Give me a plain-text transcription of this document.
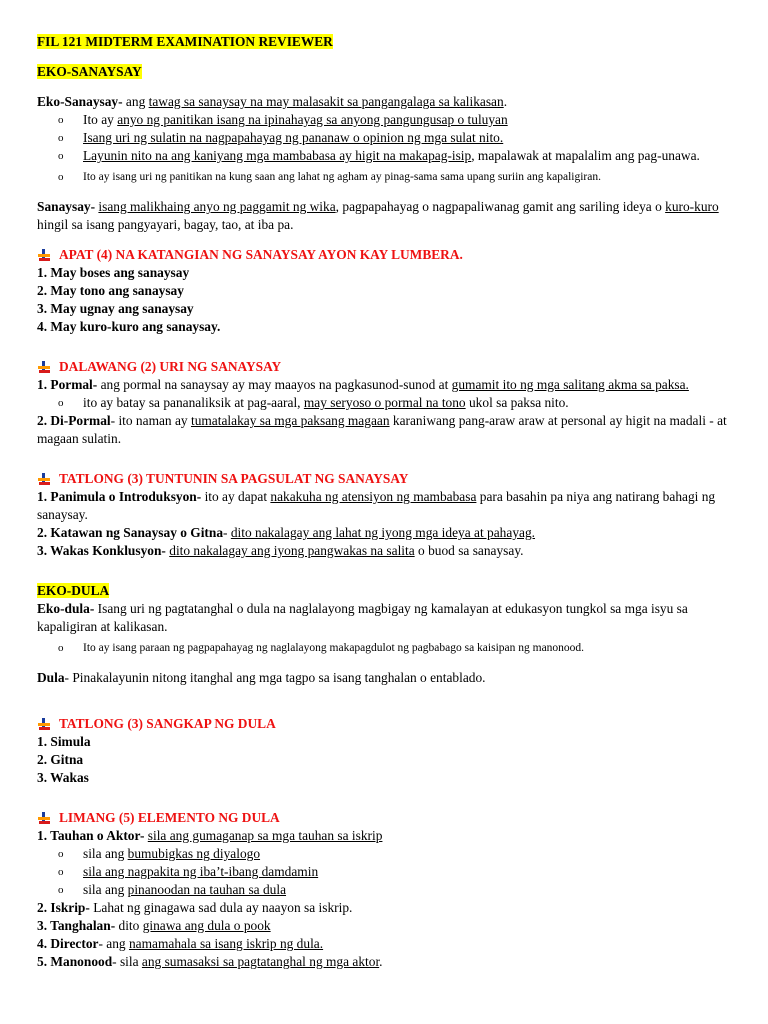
FIL 121 MIDTERM EXAMINATION REVIEWER
EKO-SANAYSAY
Eko-Sanaysay- ang tawag sa sanaysay na may malasakit sa pangangalaga sa kalikasan.
o Ito ay anyo ng panitikan isang na ipinahayag sa anyong pangungusap o tuluyan
o Isang uri ng sulatin na nagpapahayag ng pananaw o opinion ng mga sulat nito.
o Layunin nito na ang kaniyang mga mambabasa ay higit na makapag-isip, mapalawak at mapalalim ang pag-unawa.
o Ito ay isang uri ng panitikan na kung saan ang lahat ng agham ay pinag-sama sama upang suriin ang kapaligiran.
Sanaysay- isang malikhaing anyo ng paggamit ng wika, pagpapahayag o nagpapaliwanag gamit ang sariling ideya o kuro-kuro hingil sa isang pangyayari, bagay, tao, at iba pa.
APAT (4) NA KATANGIAN NG SANAYSAY AYON KAY LUMBERA.
1. May boses ang sanaysay
2. May tono ang sanaysay
3. May ugnay ang sanaysay
4. May kuro-kuro ang sanaysay.
DALAWANG (2) URI NG SANAYSAY
1. Pormal- ang pormal na sanaysay ay may maayos na pagkasunod-sunod at gumamit ito ng mga salitang akma sa paksa.
o ito ay batay sa pananaliksik at pag-aaral, may seryoso o pormal na tono ukol sa paksa nito.
2. Di-Pormal- ito naman ay tumatalakay sa mga paksang magaan karaniwang pang-araw araw at personal ay higit na madali - at magaan sulatin.
TATLONG (3) TUNTUNIN SA PAGSULAT NG SANAYSAY
1. Panimula o Introduksyon- ito ay dapat nakakuha ng atensiyon ng mambabasa para basahin pa niya ang natirang bahagi ng sanaysay.
2. Katawan ng Sanaysay o Gitna- dito nakalagay ang lahat ng iyong mga ideya at pahayag.
3. Wakas Konklusyon- dito nakalagay ang iyong pangwakas na salita o buod sa sanaysay.
EKO-DULA
Eko-dula- Isang uri ng pagtatanghal o dula na naglalayong magbigay ng kamalayan at edukasyon tungkol sa mga isyu sa kapaligiran at kalikasan.
o Ito ay isang paraan ng pagpapahayag ng naglalayong makapagdulot ng pagbabago sa kaisipan ng manonood.
Dula- Pinakalayunin nitong itanghal ang mga tagpo sa isang tanghalan o entablado.
TATLONG (3) SANGKAP NG DULA
1. Simula
2. Gitna
3. Wakas
LIMANG (5) ELEMENTO NG DULA
1. Tauhan o Aktor- sila ang gumaganap sa mga tauhan sa iskrip
o sila ang bumubigkas ng diyalogo
o sila ang nagpakita ng iba’t-ibang damdamin
o sila ang pinanoodan na tauhan sa dula
2. Iskrip- Lahat ng ginagawa sad dula ay naayon sa iskrip.
3. Tanghalan- dito ginawa ang dula o pook
4. Director- ang namamahala sa isang iskrip ng dula.
5. Manonood- sila ang sumasaksi sa pagtatanghal ng mga aktor.
